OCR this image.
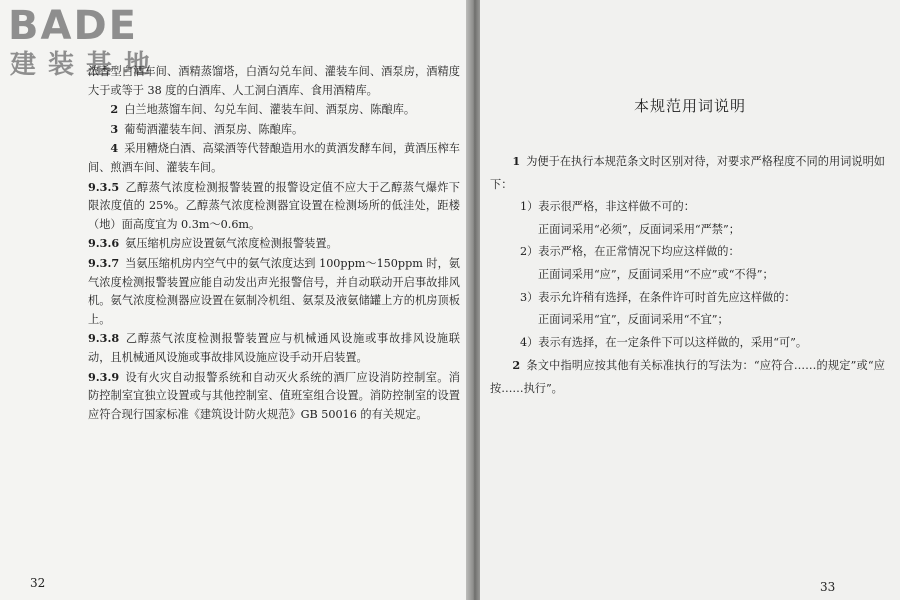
BADE
建装基地

浓香型白酒车间、酒精蒸馏塔，白酒勾兑车间、灌装车间、酒泵房，酒精度大于或等于 38 度的白酒库、人工洞白酒库、食用酒精库。

2 白兰地蒸馏车间、勾兑车间、灌装车间、酒泵房、陈酿库。

3 葡萄酒灌装车间、酒泵房、陈酿库。

4 采用糟烧白酒、高粱酒等代替酿造用水的黄酒发酵车间，黄酒压榨车间、煎酒车间、灌装车间。

9.3.5 乙醇蒸气浓度检测报警装置的报警设定值不应大于乙醇蒸气爆炸下限浓度值的 25%。乙醇蒸气浓度检测器宜设置在检测场所的低洼处，距楼（地）面高度宜为 0.3m～0.6m。

9.3.6 氨压缩机房应设置氨气浓度检测报警装置。

9.3.7 当氨压缩机房内空气中的氨气浓度达到 100ppm～150ppm 时，氨气浓度检测报警装置应能自动发出声光报警信号，并自动联动开启事故排风机。氨气浓度检测器应设置在氨制冷机组、氨泵及液氨储罐上方的机房顶板上。

9.3.8 乙醇蒸气浓度检测报警装置应与机械通风设施或事故排风设施联动，且机械通风设施或事故排风设施应设手动开启装置。

9.3.9 设有火灾自动报警系统和自动灭火系统的酒厂应设消防控制室。消防控制室宜独立设置或与其他控制室、值班室组合设置。消防控制室的设置应符合现行国家标准《建筑设计防火规范》GB 50016 的有关规定。

32
本规范用词说明

1 为便于在执行本规范条文时区别对待，对要求严格程度不同的用词说明如下：

1）表示很严格，非这样做不可的：

正面词采用“必须”，反面词采用“严禁”；

2）表示严格，在正常情况下均应这样做的：

正面词采用“应”，反面词采用“不应”或“不得”；

3）表示允许稍有选择，在条件许可时首先应这样做的：

正面词采用“宜”，反面词采用“不宜”；

4）表示有选择，在一定条件下可以这样做的，采用“可”。

2 条文中指明应按其他有关标准执行的写法为：“应符合……的规定”或“应按……执行”。

33
